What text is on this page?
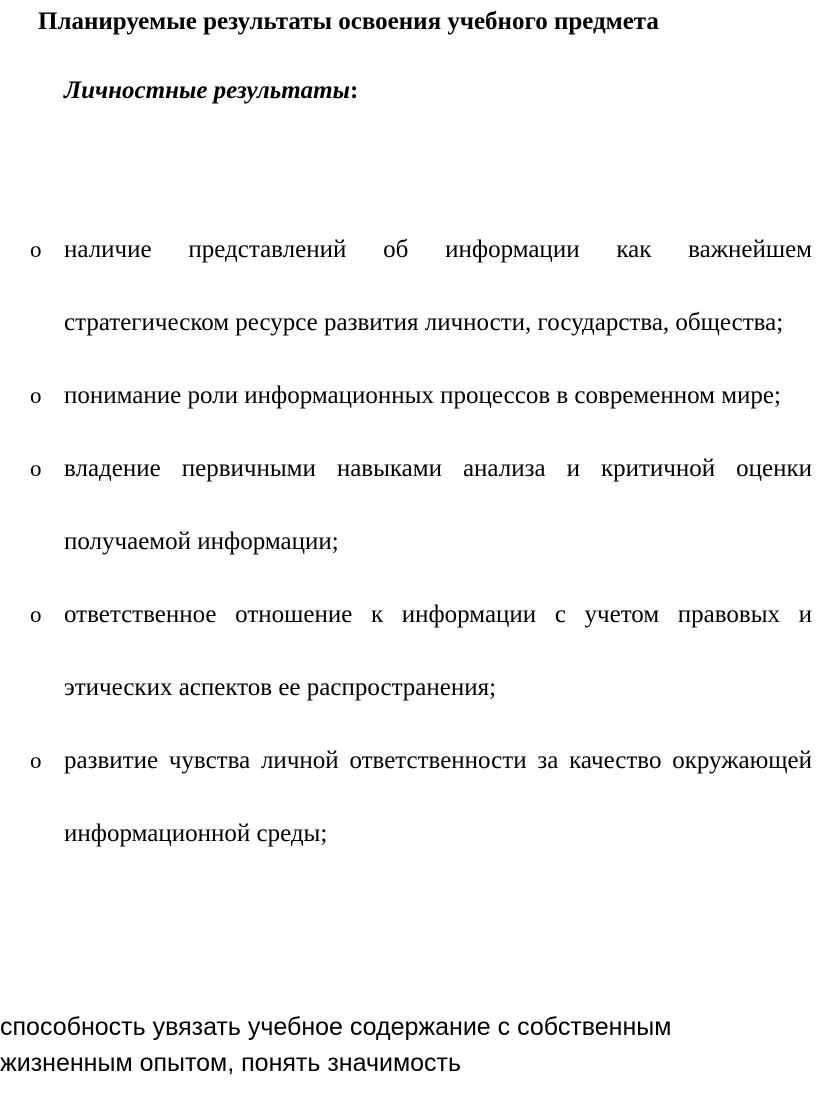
Планируемые результаты освоения учебного предмета

Личностные результаты:

o наличие представлений об информации как важнейшем стратегическом ресурсе развития личности, государства, общества;
o понимание роли информационных процессов в современном мире;
o владение первичными навыками анализа и критичной оценки получаемой информации;
o ответственное отношение к информации с учетом правовых и этических аспектов ее распространения;
o развитие чувства личной ответственности за качество окружающей информационной среды;
способность увязать учебное содержание с собственным
жизненным опытом, понять значимость
